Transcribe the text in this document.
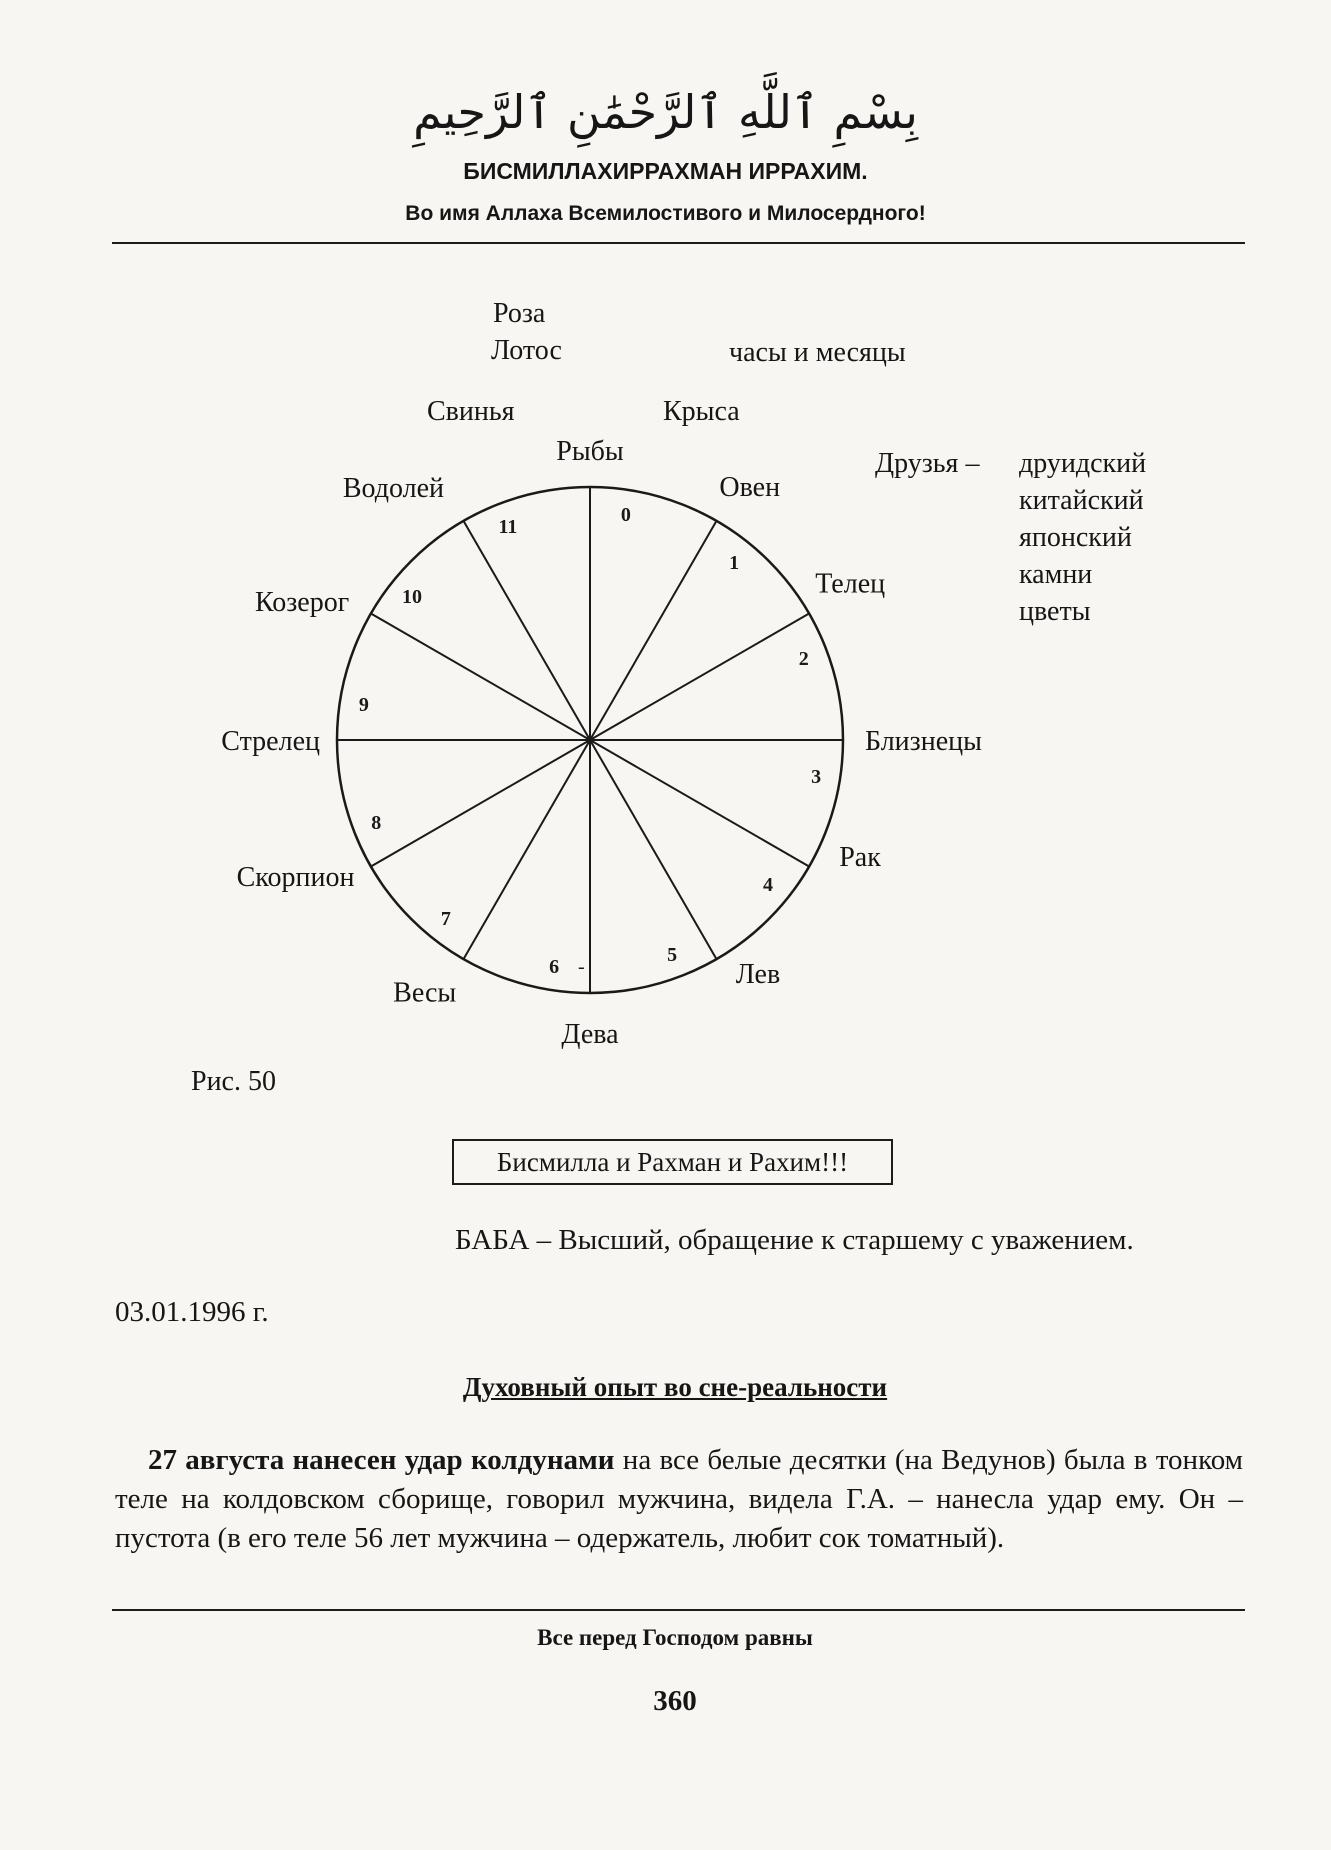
بِسْمِ ٱللَّهِ ٱلرَّحْمَٰنِ ٱلرَّحِيمِ
БИСМИЛЛАХИРРАХМАН ИРРАХИМ.
Во имя Аллаха Всемилостивого и Милосердного!
Роза
Лотос	часы и месяцы
Свинья	Крыса
Друзья – друидский
китайский
японский
камни
цветы
0
1
2
3
4
5
6
7
8
9
10
11
-
Рыбы
Овен
Телец
Близнецы
Рак
Лев
Дева
Весы
Скорпион
Стрелец
Козерог
Водолей
Рис. 50
Бисмилла и Рахман и Рахим!!!
БАБА – Высший, обращение к старшему с уважением.
03.01.1996 г.
Духовный опыт во сне-реальности
27 августа нанесен удар колдунами на все белые десятки (на Ведунов) была в тонком теле на колдовском сборище, говорил мужчина, видела Г.А. – нанесла удар ему. Он – пустота (в его теле 56 лет мужчина – одержатель, любит сок томатный).
Все перед Господом равны
360
